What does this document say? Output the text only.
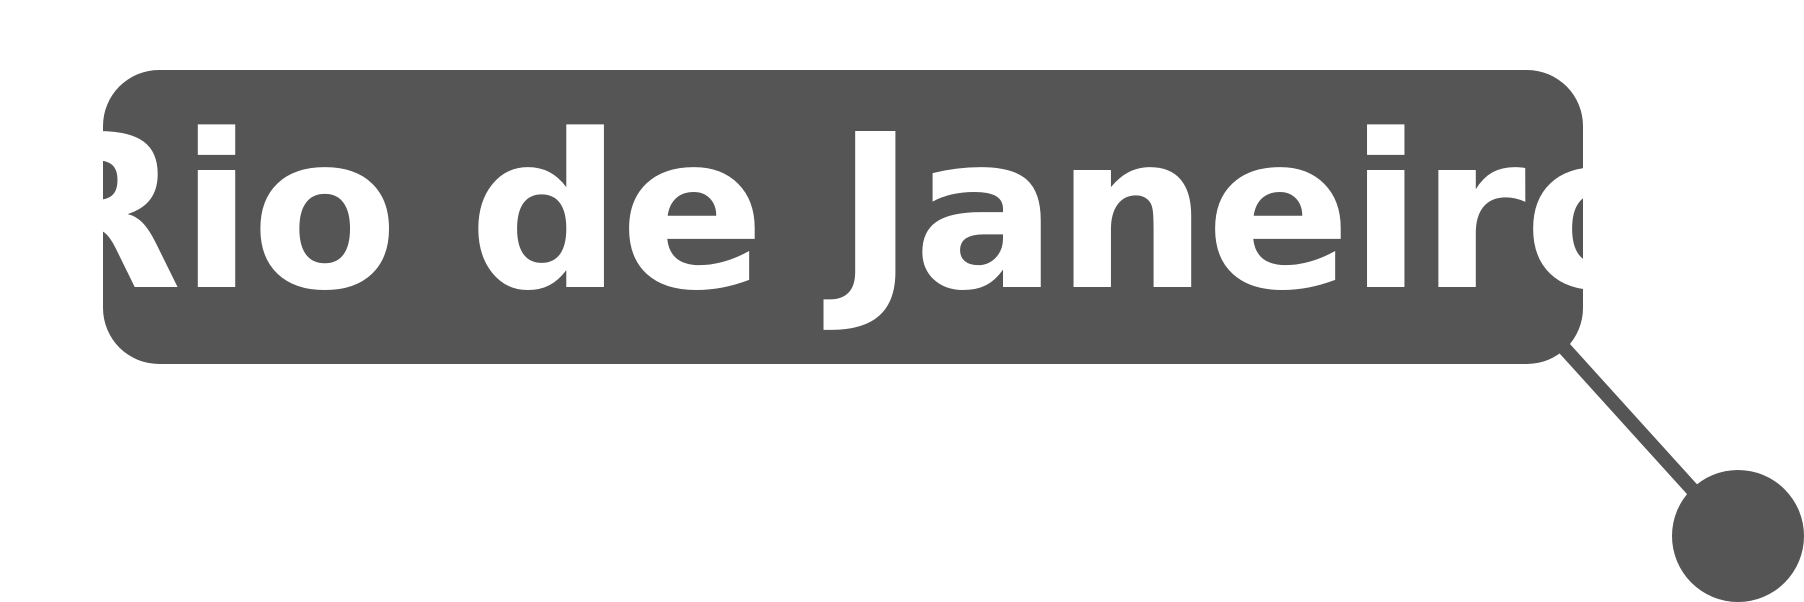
Rio de Janeiro
